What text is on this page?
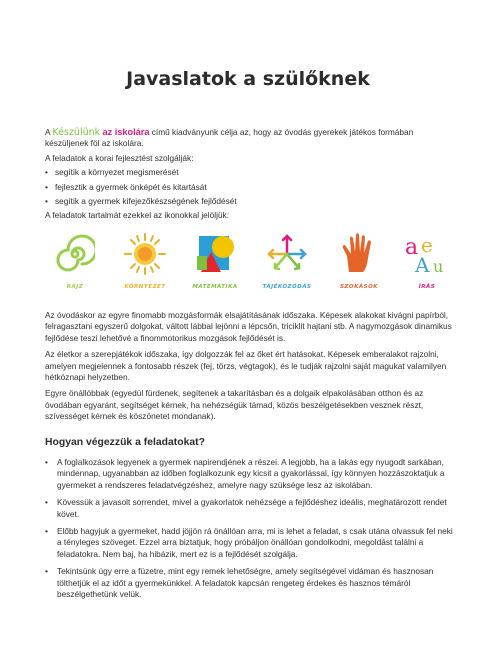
Javaslatok a szülőknek

A Készülünk az iskolára című kiadványunk célja az, hogy az óvodás gyerekek játékos formában készüljenek föl az iskolára.

A feladatok a korai fejlesztést szolgálják:

• segítik a környezet megismerését
• fejlesztik a gyermek önképét és kitartását
• segítik a gyermek kifejezőkészségének fejlődését

A feladatok tartalmát ezekkel az ikonokkal jelöljük:

RAJZ	KÖRNYEZET	MATEMATIKA	TÁJÉKOZÓDÁS	SZOKÁSOK
a e
A u
ÍRÁS

Az óvodáskor az egyre finomabb mozgásformák elsajátításának időszaka. Képesek alakokat kivágni papírból, felragasztani egyszerű dolgokat, váltott lábbal lejönni a lépcsőn, triciklit hajtani stb. A nagymozgások dinamikus fejlődése teszi lehetővé a finommotorikus mozgások fejlődését is.

Az életkor a szerepjátékok időszaka, így dolgozzák fel az őket ért hatásokat. Képesek emberalakot rajzolni, amelyen megjelennek a fontosabb részek (fej, törzs, végtagok), és le tudják rajzolni saját magukat valamilyen hétköznapi helyzetben.

Egyre önállóbbak (egyedül fürdenek, segítenek a takarításban és a dolgaik elpakolásában otthon és az óvodában egyaránt, segítséget kérnek, ha nehézségük támad, közös beszélgetésekben vesznek részt, szívességet kérnek és köszönetet mondanak).

Hogyan végezzük a feladatokat?
• A foglalkozások legyenek a gyermek napirendjének a részei. A legjobb, ha a lakás egy nyugodt sarkában, mindennap, ugyanabban az időben foglalkozunk egy kicsit a gyakorlással, így könnyen hozzászoktatjuk a gyermeket a rendszeres feladatvégzéshez, amelyre nagy szüksége lesz az iskolában.
• Kövessük a javasolt sorrendet, mivel a gyakorlatok nehézsége a fejlődéshez ideális, meghatározott rendet követ.
• Előbb hagyjuk a gyermeket, hadd jöjjön rá önállóan arra, mi is lehet a feladat, s csak utána olvassuk fel neki a tényleges szöveget. Ezzel arra biztatjuk, hogy próbáljon önállóan gondolkodni, megoldást találni a feladatokra. Nem baj, ha hibázik, mert ez is a fejlődését szolgálja.
• Tekintsünk úgy erre a füzetre, mint egy remek lehetőségre, amely segítségével vidáman és hasznosan tölthetjük el az időt a gyermekünkkel. A feladatok kapcsán rengeteg érdekes és hasznos témáról beszélgethetünk velük.
